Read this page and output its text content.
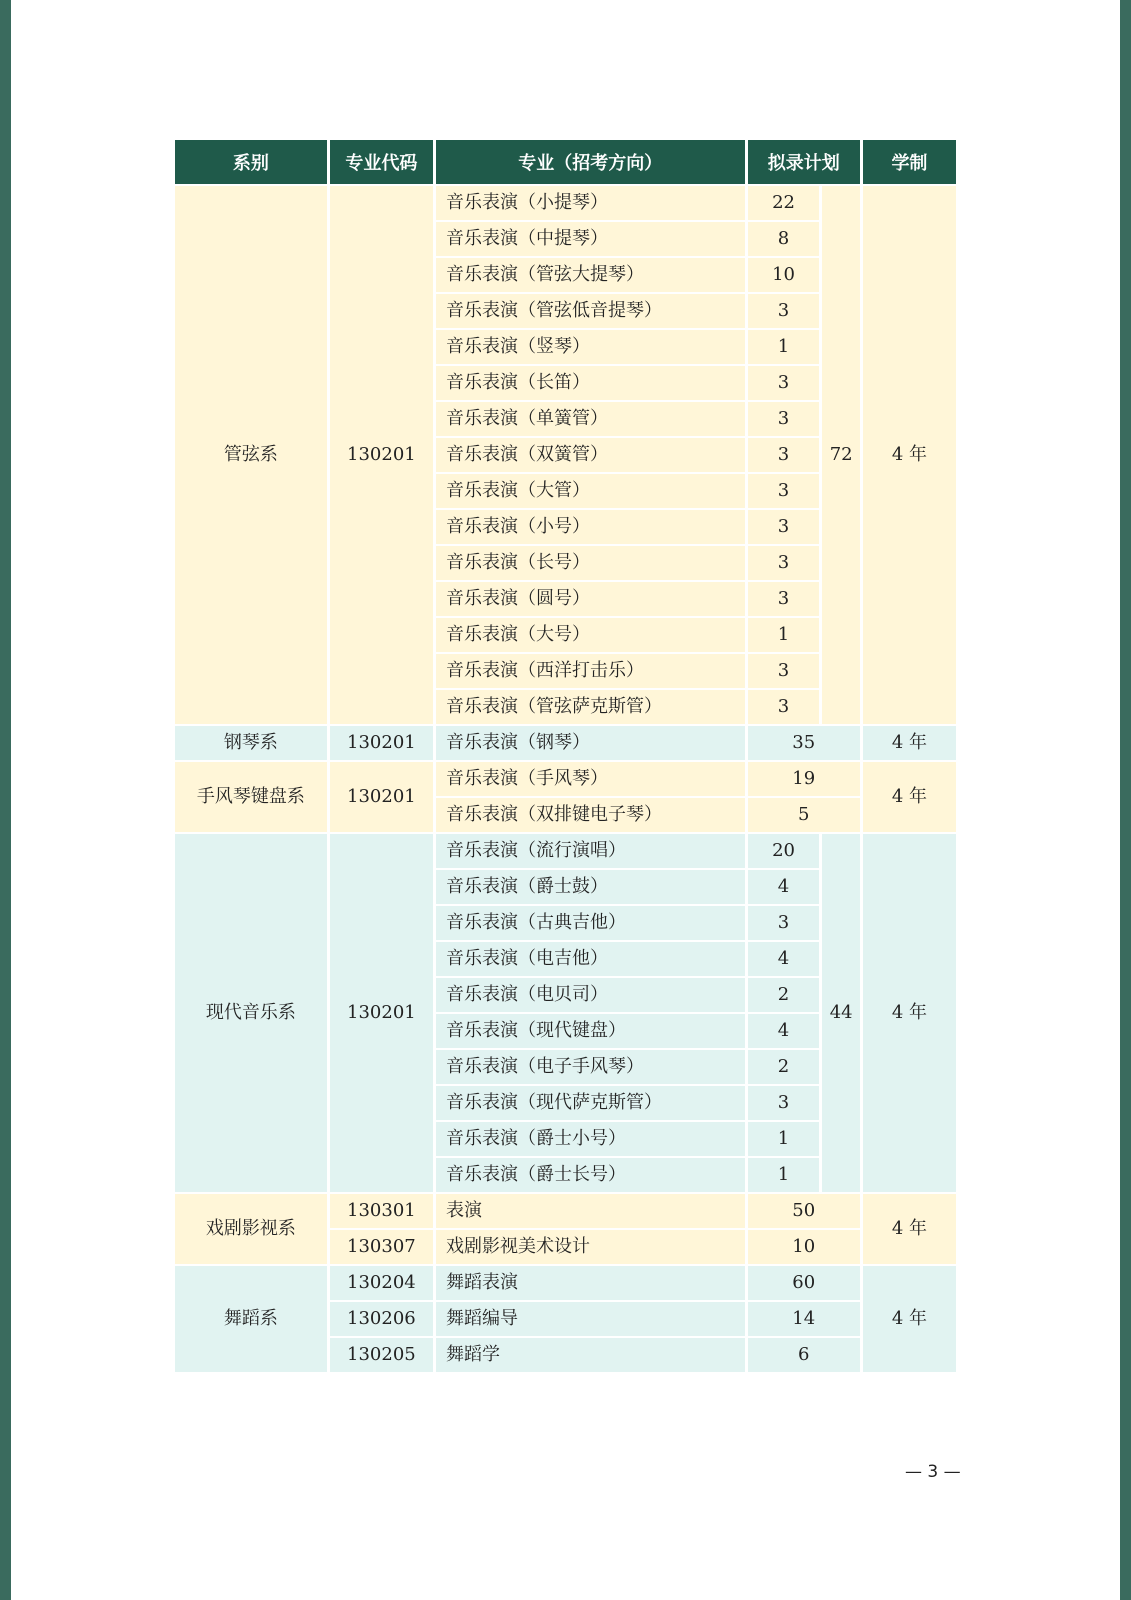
系别	专业代码	专业（招考方向）	拟录计划		学制
管弦系	130201	音乐表演（小提琴）	22	72	4 年
		音乐表演（中提琴）	8		
		音乐表演（管弦大提琴）	10		
		音乐表演（管弦低音提琴）	3		
		音乐表演（竖琴）	1		
		音乐表演（长笛）	3		
		音乐表演（单簧管）	3		
		音乐表演（双簧管）	3		
		音乐表演（大管）	3		
		音乐表演（小号）	3		
		音乐表演（长号）	3		
		音乐表演（圆号）	3		
		音乐表演（大号）	1		
		音乐表演（西洋打击乐）	3		
		音乐表演（管弦萨克斯管）	3		
钢琴系	130201	音乐表演（钢琴）	35		4 年
手风琴键盘系	130201	音乐表演（手风琴）	19		4 年
		音乐表演（双排键电子琴）	5		
现代音乐系	130201	音乐表演（流行演唱）	20	44	4 年
		音乐表演（爵士鼓）	4		
		音乐表演（古典吉他）	3		
		音乐表演（电吉他）	4		
		音乐表演（电贝司）	2		
		音乐表演（现代键盘）	4		
		音乐表演（电子手风琴）	2		
		音乐表演（现代萨克斯管）	3		
		音乐表演（爵士小号）	1		
		音乐表演（爵士长号）	1		
戏剧影视系	130301	表演	50		4 年
	130307	戏剧影视美术设计	10		
舞蹈系	130204	舞蹈表演	60		4 年
	130206	舞蹈编导	14		
	130205	舞蹈学	6		
— 3 —
